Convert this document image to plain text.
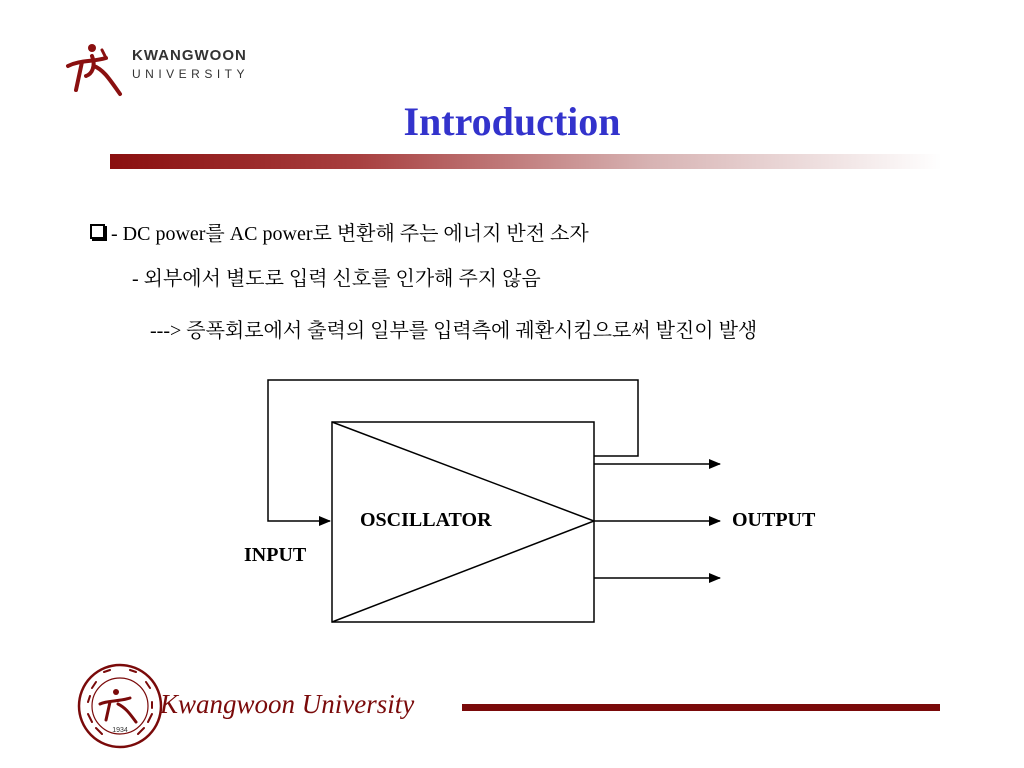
KWANGWOON
UNIVERSITY
Introduction
- DC power를 AC power로 변환해 주는 에너지 반전 소자
- 외부에서 별도로 입력 신호를 인가해 주지 않음
---> 증폭회로에서 출력의 일부를 입력측에 궤환시킴으로써 발진이 발생
OSCILLATOR
INPUT
OUTPUT
1934
Kwangwoon University
